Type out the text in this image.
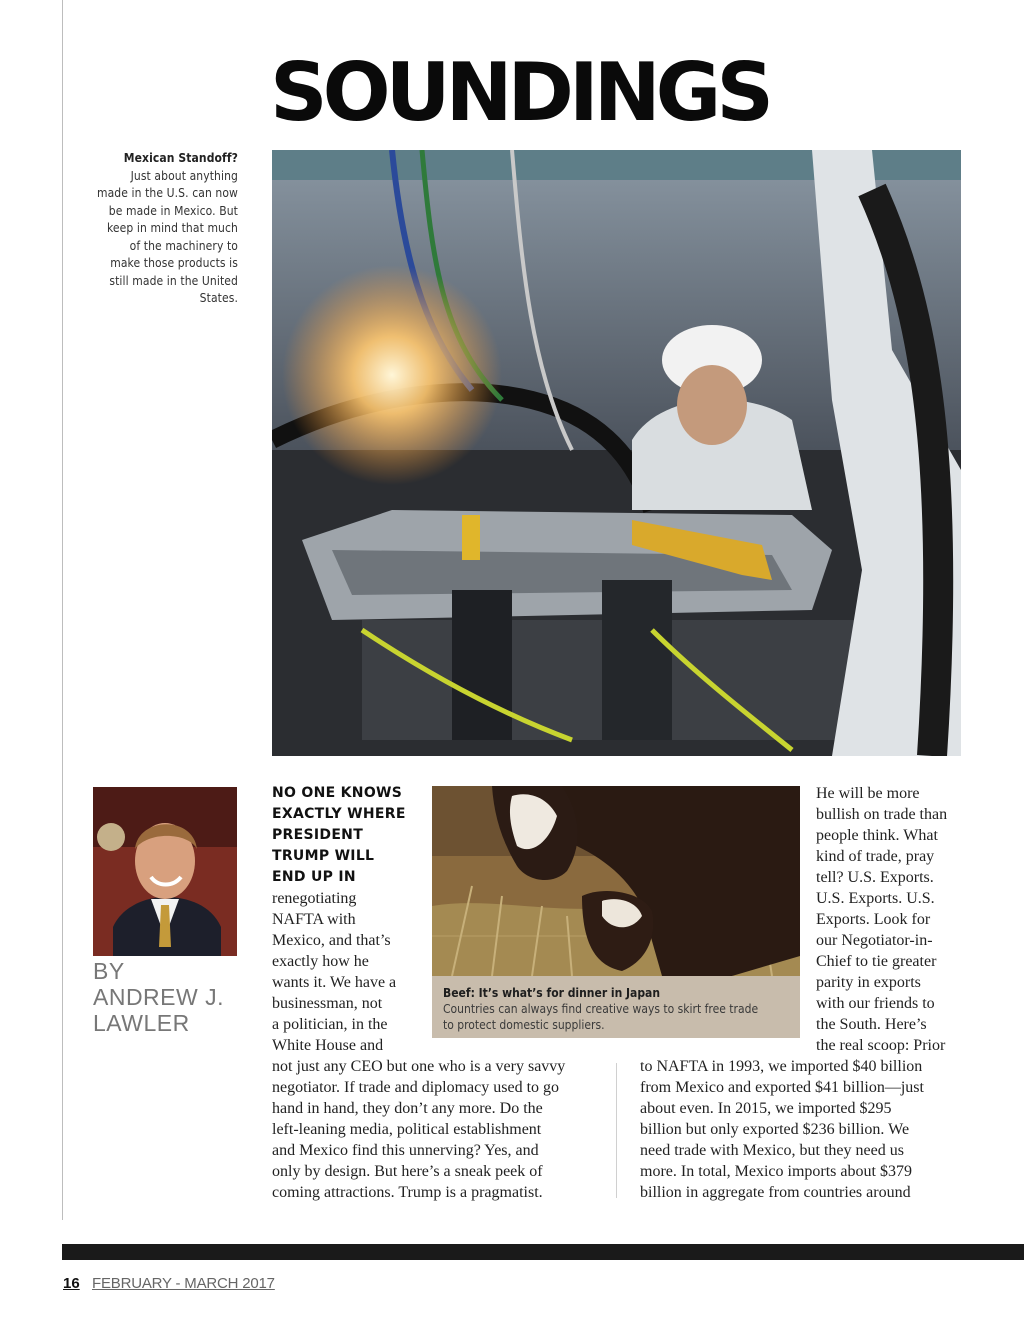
SOUNDINGS
Mexican Standoff?
Just about anything
made in the U.S. can now
be made in Mexico. But
keep in mind that much
of the machinery to
make those products is
still made in the United
States.
BY
ANDREW J.
LAWLER
NO ONE KNOWS
EXACTLY WHERE
PRESIDENT
TRUMP WILL
END UP IN
renegotiating
NAFTA with
Mexico, and that’s
exactly how he
wants it. We have a
businessman, not
a politician, in the
White House and
not just any CEO but one who is a very savvy
negotiator. If trade and diplomacy used to go
hand in hand, they don’t any more. Do the
left-leaning media, political establishment
and Mexico find this unnerving? Yes, and
only by design. But here’s a sneak peek of
coming attractions. Trump is a pragmatist.
He will be more
bullish on trade than
people think. What
kind of trade, pray
tell? U.S. Exports.
U.S. Exports. U.S.
Exports. Look for
our Negotiator-in-
Chief to tie greater
parity in exports
with our friends to
the South. Here’s
the real scoop: Prior
to NAFTA in 1993, we imported $40 billion
from Mexico and exported $41 billion—just
about even. In 2015, we imported $295
billion but only exported $236 billion. We
need trade with Mexico, but they need us
more. In total, Mexico imports about $379
billion in aggregate from countries around
Beef: It’s what’s for dinner in Japan
Countries can always find creative ways to skirt free trade
to protect domestic suppliers.
16 FEBRUARY - MARCH 2017
